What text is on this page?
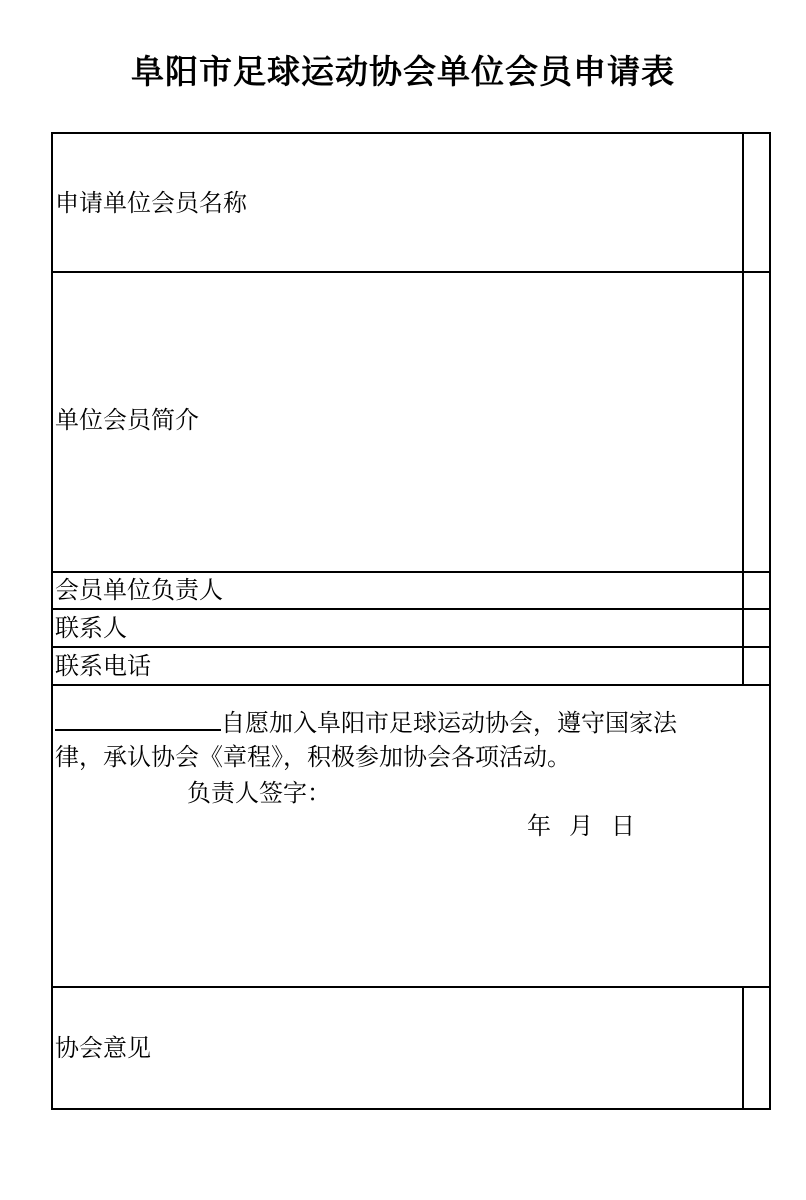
阜阳市足球运动协会单位会员申请表
申请单位会员名称
单位会员简介
会员单位负责人
联系人
联系电话
自愿加入阜阳市足球运动协会，遵守国家法
律，承认协会《章程》，积极参加协会各项活动。
负责人签字：
年 月 日
协会意见
